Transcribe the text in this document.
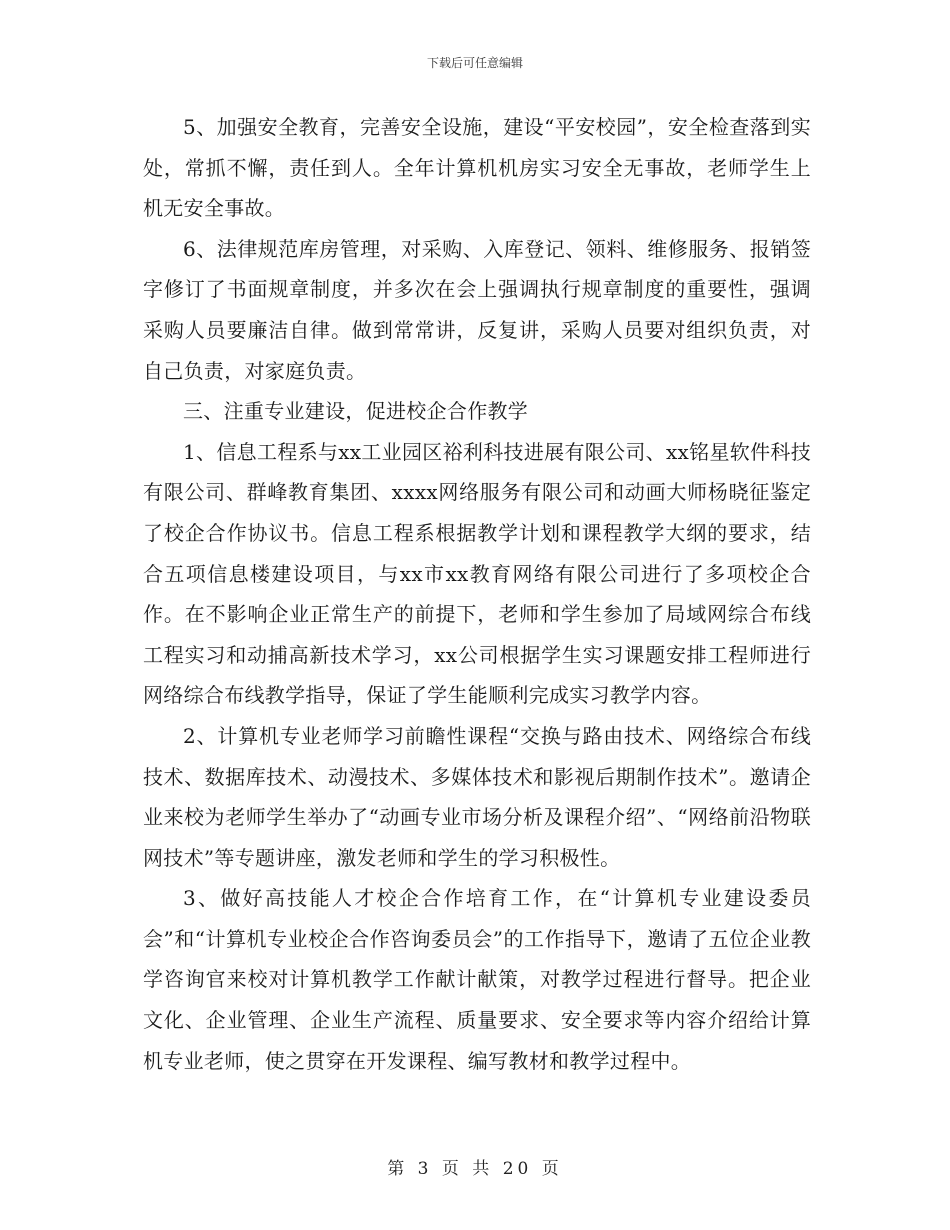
下载后可任意编辑

5、加强安全教育，完善安全设施，建设“平安校园”，安全检查落到实处，常抓不懈，责任到人。全年计算机机房实习安全无事故，老师学生上机无安全事故。

6、法律规范库房管理，对采购、入库登记、领料、维修服务、报销签字修订了书面规章制度，并多次在会上强调执行规章制度的重要性，强调采购人员要廉洁自律。做到常常讲，反复讲，采购人员要对组织负责，对自己负责，对家庭负责。

三、注重专业建设，促进校企合作教学

1、信息工程系与xx工业园区裕利科技进展有限公司、xx铭星软件科技有限公司、群峰教育集团、xxxx网络服务有限公司和动画大师杨晓征鉴定了校企合作协议书。信息工程系根据教学计划和课程教学大纲的要求，结合五项信息楼建设项目，与xx市xx教育网络有限公司进行了多项校企合作。在不影响企业正常生产的前提下，老师和学生参加了局域网综合布线工程实习和动捕高新技术学习，xx公司根据学生实习课题安排工程师进行网络综合布线教学指导，保证了学生能顺利完成实习教学内容。

2、计算机专业老师学习前瞻性课程“交换与路由技术、网络综合布线技术、数据库技术、动漫技术、多媒体技术和影视后期制作技术”。邀请企业来校为老师学生举办了“动画专业市场分析及课程介绍”、“网络前沿物联网技术”等专题讲座，激发老师和学生的学习积极性。

3、做好高技能人才校企合作培育工作，在“计算机专业建设委员会”和“计算机专业校企合作咨询委员会”的工作指导下，邀请了五位企业教学咨询官来校对计算机教学工作献计献策，对教学过程进行督导。把企业文化、企业管理、企业生产流程、质量要求、安全要求等内容介绍给计算机专业老师，使之贯穿在开发课程、编写教材和教学过程中。

第 3 页 共 20 页
